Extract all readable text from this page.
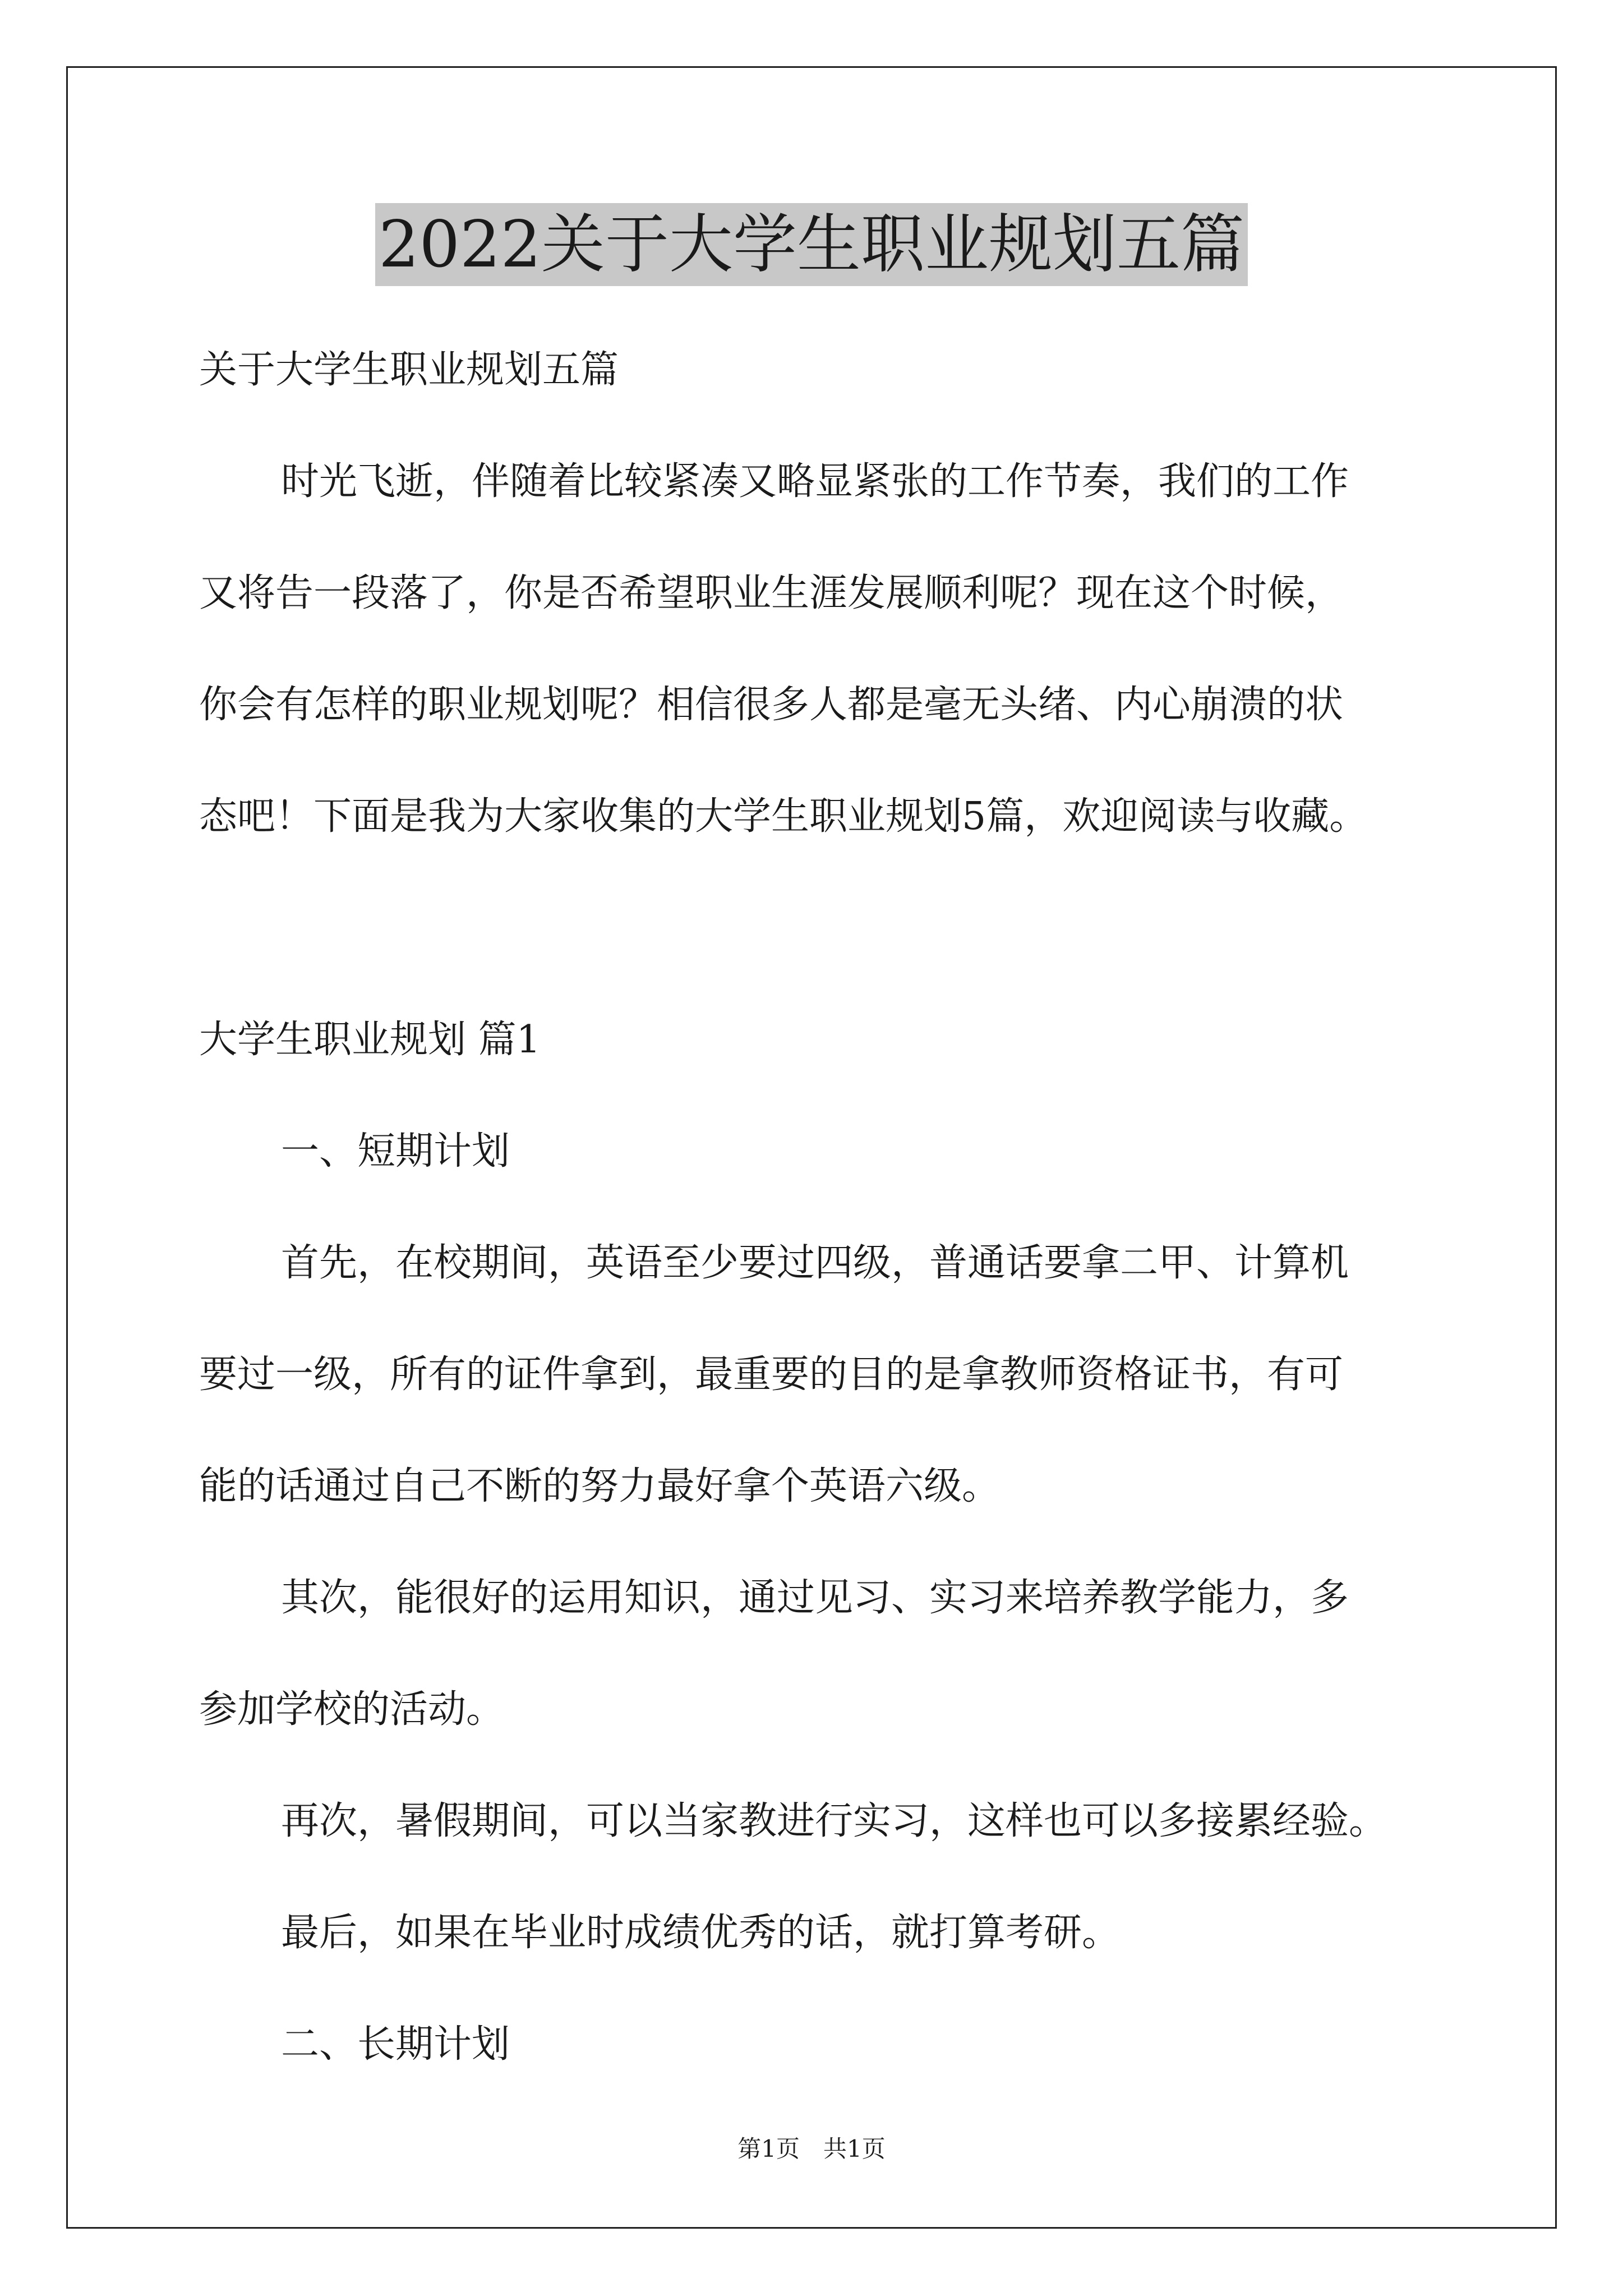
2022关于大学生职业规划五篇
关于大学生职业规划五篇
时光飞逝，伴随着比较紧凑又略显紧张的工作节奏，我们的工作
又将告一段落了，你是否希望职业生涯发展顺利呢？现在这个时候，
你会有怎样的职业规划呢？相信很多人都是毫无头绪、内心崩溃的状
态吧！下面是我为大家收集的大学生职业规划5篇，欢迎阅读与收藏。
大学生职业规划 篇1
一、短期计划
首先，在校期间，英语至少要过四级，普通话要拿二甲、计算机
要过一级，所有的证件拿到，最重要的目的是拿教师资格证书，有可
能的话通过自己不断的努力最好拿个英语六级。
其次，能很好的运用知识，通过见习、实习来培养教学能力，多
参加学校的活动。
再次，暑假期间，可以当家教进行实习，这样也可以多接累经验。
最后，如果在毕业时成绩优秀的话，就打算考研。
二、长期计划
第1页　共1页
